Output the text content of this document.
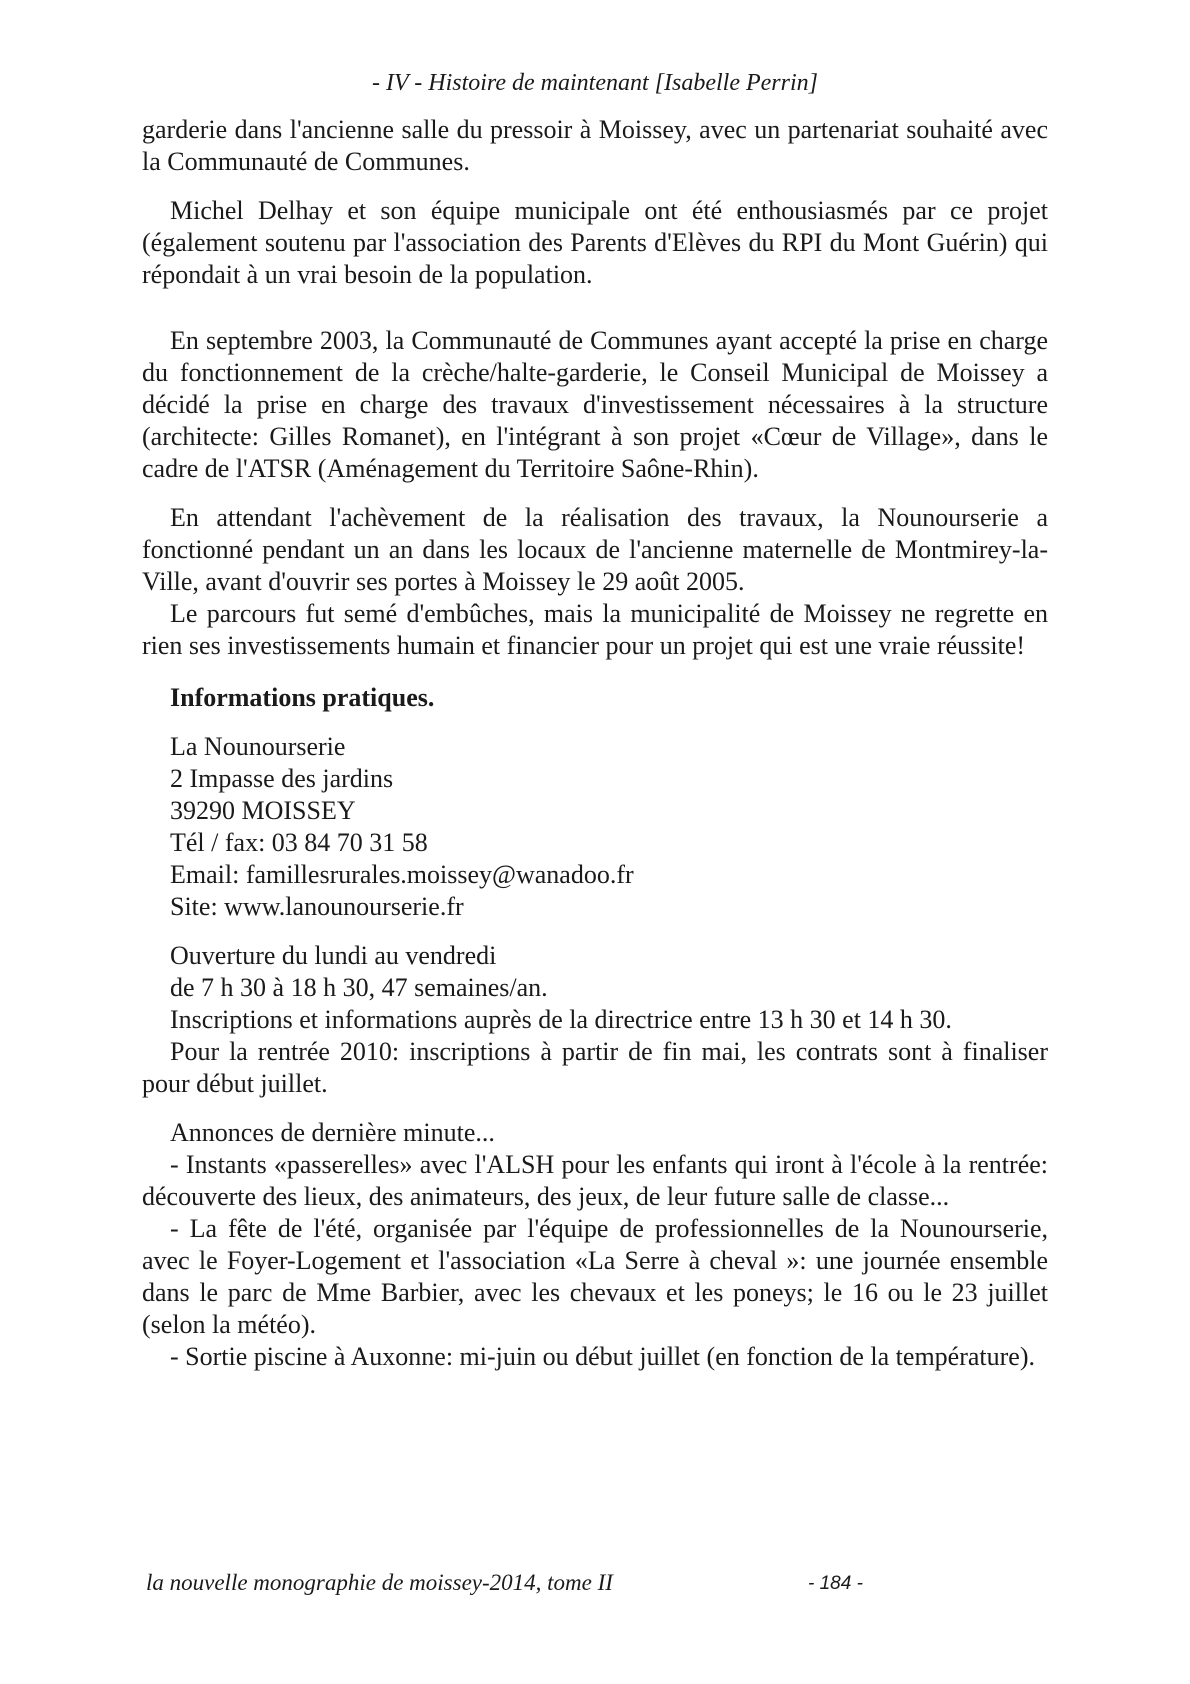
- IV - Histoire de maintenant [Isabelle Perrin]

garderie dans l'ancienne salle du pressoir à Moissey, avec un partenariat souhaité avec la Communauté de Communes.

Michel Delhay et son équipe municipale ont été enthousiasmés par ce projet (également soutenu par l'association des Parents d'Elèves du RPI du Mont Guérin) qui répondait à un vrai besoin de la population.

En septembre 2003, la Communauté de Communes ayant accepté la prise en charge du fonctionnement de la crèche/halte-garderie, le Conseil Municipal de Moissey a décidé la prise en charge des travaux d'investissement nécessaires à la structure (architecte: Gilles Romanet), en l'intégrant à son projet «Cœur de Village», dans le cadre de l'ATSR (Aménagement du Territoire Saône-Rhin).

En attendant l'achèvement de la réalisation des travaux, la Nounourserie a fonctionné pendant un an dans les locaux de l'ancienne maternelle de Montmirey-la-Ville, avant d'ouvrir ses portes à Moissey le 29 août 2005.

Le parcours fut semé d'embûches, mais la municipalité de Moissey ne regrette en rien ses investissements humain et financier pour un projet qui est une vraie réussite!

Informations pratiques.

La Nounourserie
2 Impasse des jardins
39290 MOISSEY
Tél / fax: 03 84 70 31 58
Email: famillesrurales.moissey@wanadoo.fr
Site: www.lanounourserie.fr
Ouverture du lundi au vendredi
de 7 h 30 à 18 h 30, 47 semaines/an.
Inscriptions et informations auprès de la directrice entre 13 h 30 et 14 h 30.

Pour la rentrée 2010: inscriptions à partir de fin mai, les contrats sont à finaliser pour début juillet.

Annonces de dernière minute...

- Instants «passerelles» avec l'ALSH pour les enfants qui iront à l'école à la rentrée: découverte des lieux, des animateurs, des jeux, de leur future salle de classe...

- La fête de l'été, organisée par l'équipe de professionnelles de la Nounourserie, avec le Foyer-Logement et l'association «La Serre à cheval »: une journée ensemble dans le parc de Mme Barbier, avec les chevaux et les poneys; le 16 ou le 23 juillet (selon la météo).

- Sortie piscine à Auxonne: mi-juin ou début juillet (en fonction de la température).

la nouvelle monographie de moissey-2014, tome II	- 184 -
